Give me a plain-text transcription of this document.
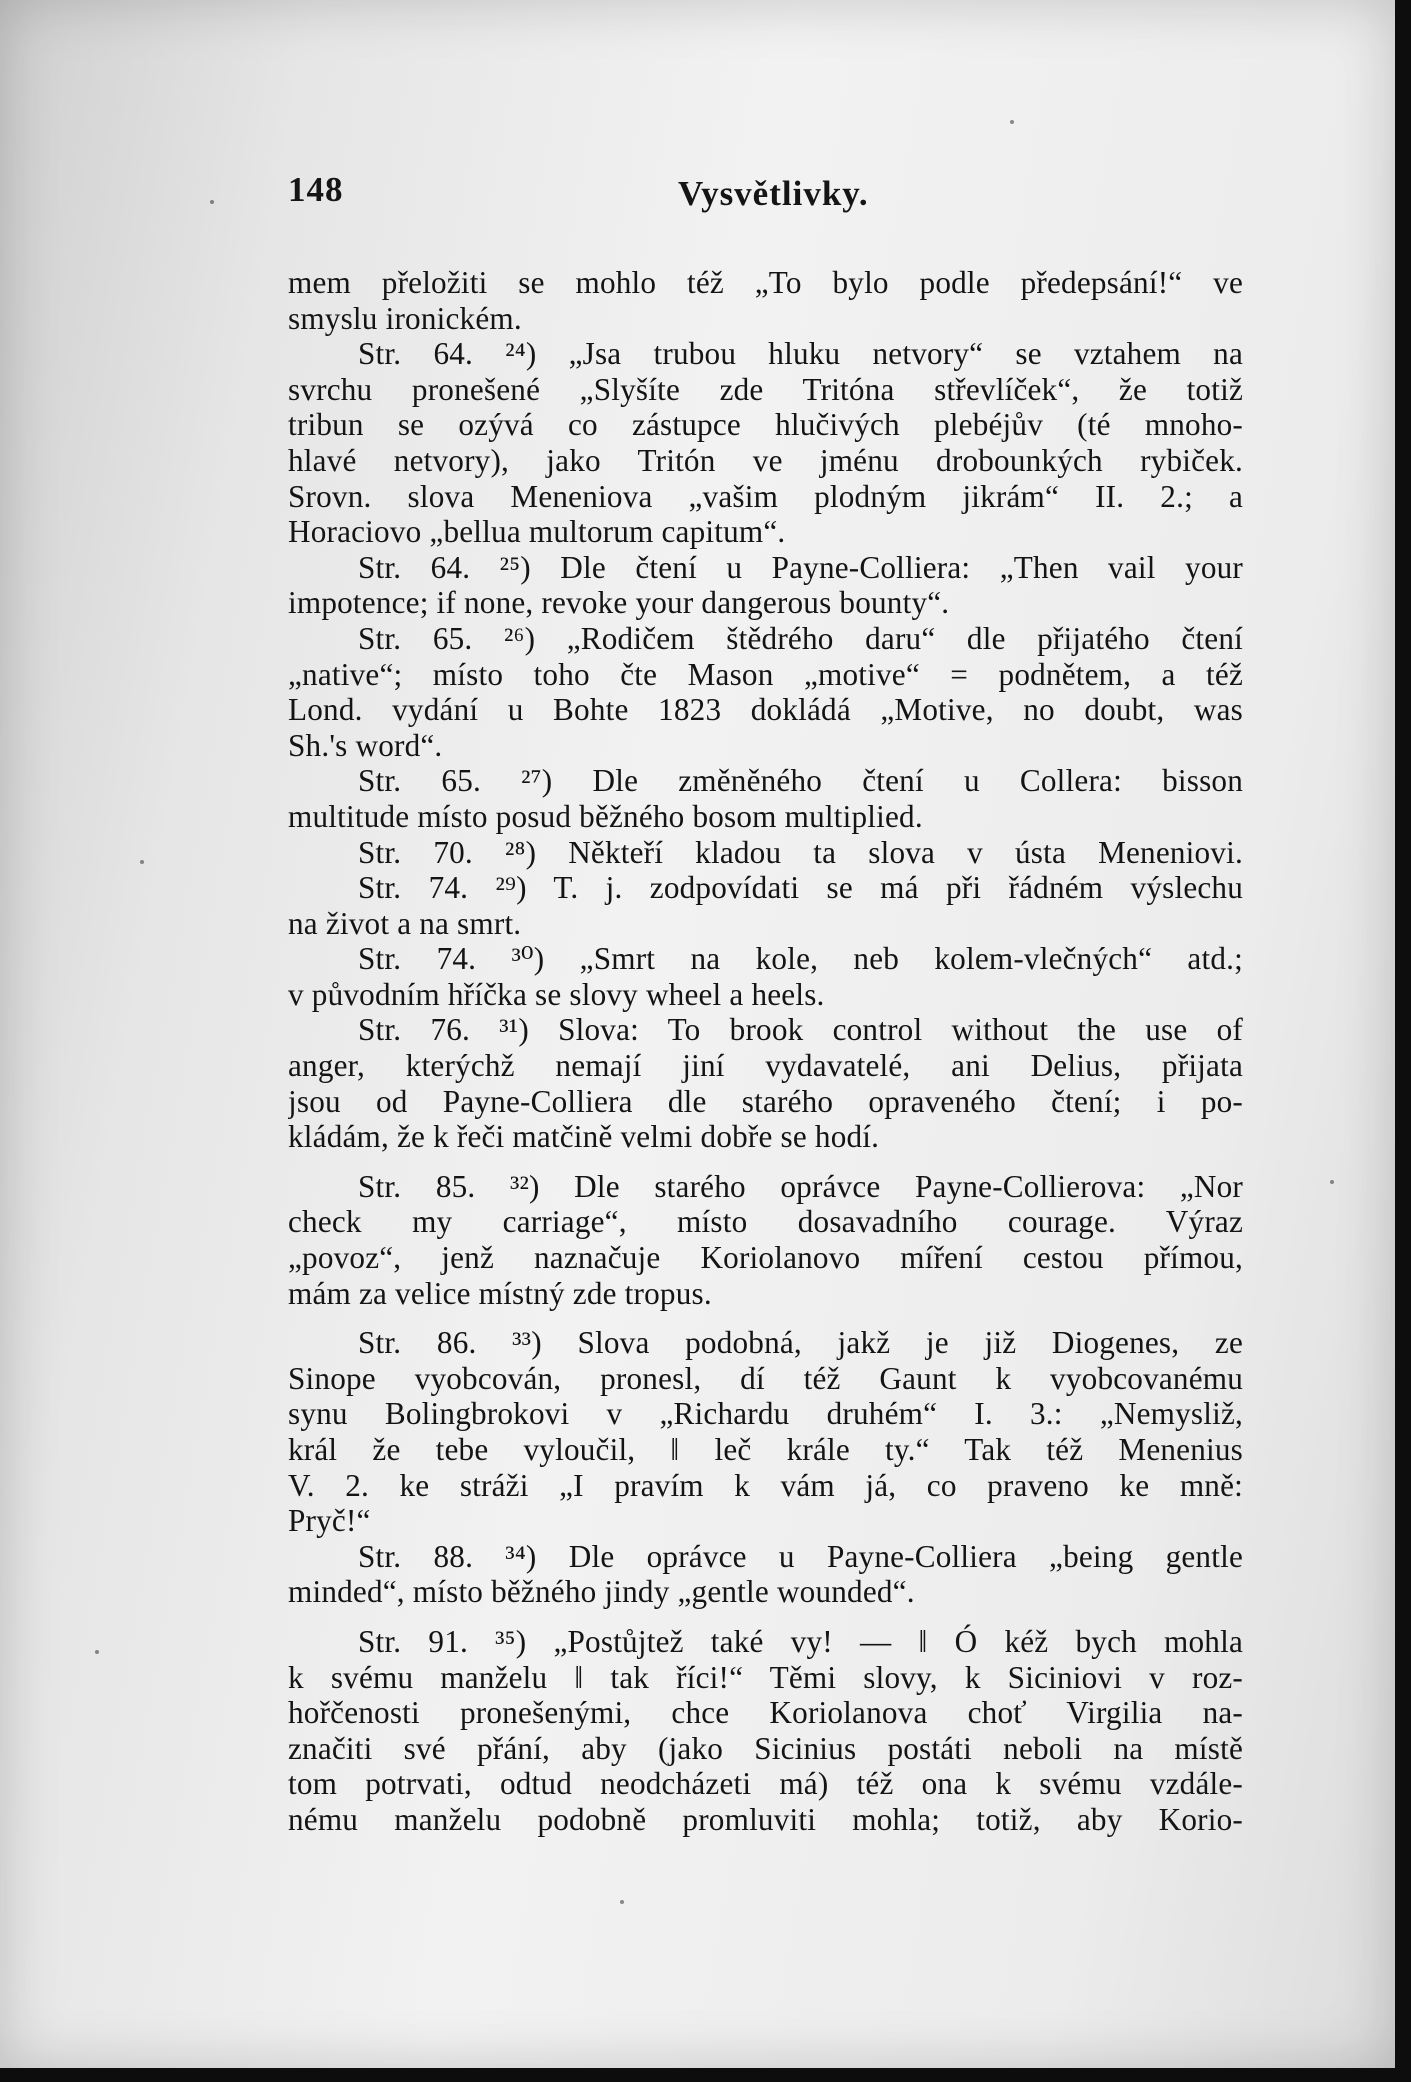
148	Vysvětlivky.
mem přeložiti se mohlo též „To bylo podle předepsání!“ ve
smyslu ironickém.
Str. 64. ²⁴) „Jsa trubou hluku netvory“ se vztahem na
svrchu pronešené „Slyšíte zde Tritóna střevlíček“, že totiž
tribun se ozývá co zástupce hlučivých plebéjův (té mnoho-
hlavé netvory), jako Tritón ve jménu drobounkých rybiček.
Srovn. slova Meneniova „vašim plodným jikrám“ II. 2.; a
Horaciovo „bellua multorum capitum“.
Str. 64. ²⁵) Dle čtení u Payne-Colliera: „Then vail your
impotence; if none, revoke your dangerous bounty“.
Str. 65. ²⁶) „Rodičem štědrého daru“ dle přijatého čtení
„native“; místo toho čte Mason „motive“ = podnětem, a též
Lond. vydání u Bohte 1823 dokládá „Motive, no doubt, was
Sh.'s word“.
Str. 65. ²⁷) Dle změněného čtení u Collera: bisson
multitude místo posud běžného bosom multiplied.
Str. 70. ²⁸) Někteří kladou ta slova v ústa Meneniovi.
Str. 74. ²⁹) T. j. zodpovídati se má při řádném výslechu
na život a na smrt.
Str. 74. ³⁰) „Smrt na kole, neb kolem-vlečných“ atd.;
v původním hříčka se slovy wheel a heels.
Str. 76. ³¹) Slova: To brook control without the use of
anger, kterýchž nemají jiní vydavatelé, ani Delius, přijata
jsou od Payne-Colliera dle starého opraveného čtení; i po-
kládám, že k řeči matčině velmi dobře se hodí.
Str. 85. ³²) Dle starého oprávce Payne-Collierova: „Nor
check my carriage“, místo dosavadního courage. Výraz
„povoz“, jenž naznačuje Koriolanovo míření cestou přímou,
mám za velice místný zde tropus.
Str. 86. ³³) Slova podobná, jakž je již Diogenes, ze
Sinope vyobcován, pronesl, dí též Gaunt k vyobcovanému
synu Bolingbrokovi v „Richardu druhém“ I. 3.: „Nemysliž,
král že tebe vyloučil, ‖ leč krále ty.“ Tak též Menenius
V. 2. ke stráži „I pravím k vám já, co praveno ke mně:
Pryč!“
Str. 88. ³⁴) Dle oprávce u Payne-Colliera „being gentle
minded“, místo běžného jindy „gentle wounded“.
Str. 91. ³⁵) „Postůjtež také vy! — ‖ Ó kéž bych mohla
k svému manželu ‖ tak říci!“ Těmi slovy, k Siciniovi v roz-
hořčenosti pronešenými, chce Koriolanova choť Virgilia na-
značiti své přání, aby (jako Sicinius postáti neboli na místě
tom potrvati, odtud neodcházeti má) též ona k svému vzdále-
nému manželu podobně promluviti mohla; totiž, aby Korio-
